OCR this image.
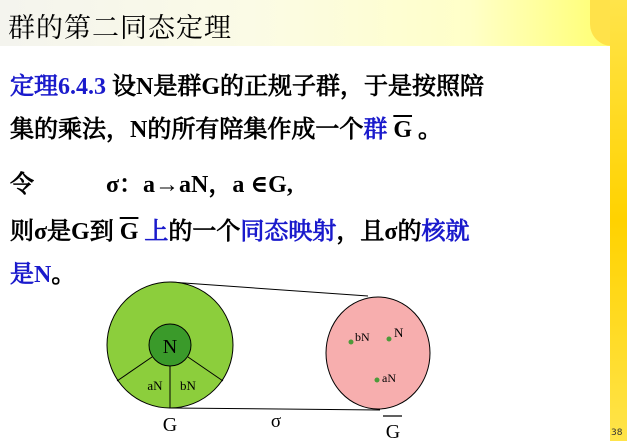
群的第二同态定理
定理6.4.3 设N是群G的正规子群，于是按照陪
集的乘法，N的所有陪集作成一个群 $\overline{G}$ 。
令	σ：a→aN，a ∈G,
则σ是G到 $\overline{G}$ 上的一个同态映射，且σ的核就
是N。
N
aN bN
G
bN N
aN
σ	G	38
